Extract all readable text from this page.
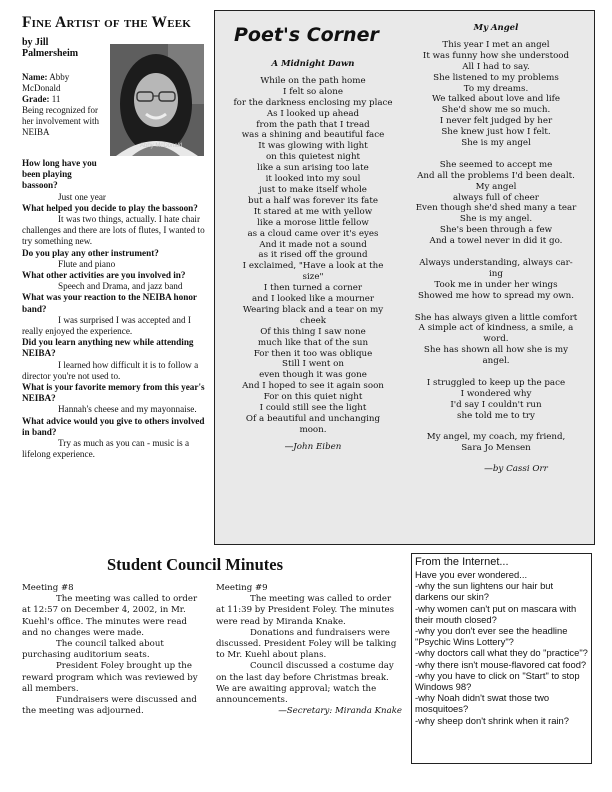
Fine Artist of the Week
by Jill Palmersheim
Abby McDonald
Name: Abby McDonald
Grade: 11
Being recognized for her involvement with NEIBA
How long have you been playing bassoon?
Just one year
What helped you decide to play the bassoon?
It was two things, actually. I hate chair challenges and there are lots of flutes, I wanted to try something new.
Do you play any other instrument?
Flute and piano
What other activities are you involved in?
Speech and Drama, and jazz band
What was your reaction to the NEIBA honor band?
I was surprised I was accepted and I really enjoyed the experience.
Did you learn anything new while attending NEIBA?
I learned how difficult it is to follow a director you're not used to.
What is your favorite memory from this year's NEIBA?
Hannah's cheese and my mayonnaise.
What advice would you give to others involved in band?
Try as much as you can - music is a lifelong experience.
Poet's Corner
A Midnight Dawn
While on the path home
I felt so alone
for the darkness enclosing my place
As I looked up ahead
from the path that I tread
was a shining and beautiful face
It was glowing with light
on this quietest night
like a sun arising too late
it looked into my soul
just to make itself whole
but a half was forever its fate
It stared at me with yellow
like a morose little fellow
as a cloud came over it's eyes
And it made not a sound
as it rised off the ground
I exclaimed, "Have a look at the
size"
I then turned a corner
and I looked like a mourner
Wearing black and a tear on my
cheek
Of this thing I saw none
much like that of the sun
For then it too was oblique
Still I went on
even though it was gone
And I hoped to see it again soon
For on this quiet night
I could still see the light
Of a beautiful and unchanging
moon.
—John Eiben
My Angel
This year I met an angel
It was funny how she understood
All I had to say.
She listened to my problems
To my dreams.
We talked about love and life
She'd show me so much.
I never felt judged by her
She knew just how I felt.
She is my angel
She seemed to accept me
And all the problems I'd been dealt.
My angel
always full of cheer
Even though she'd shed many a tear
She is my angel.
She's been through a few
And a towel never in did it go.
Always understanding, always car-
ing
Took me in under her wings
Showed me how to spread my own.
She has always given a little comfort
A simple act of kindness, a smile, a
word.
She has shown all how she is my
angel.
I struggled to keep up the pace
I wondered why
I'd say I couldn't run
she told me to try
My angel, my coach, my friend,
Sara Jo Mensen
—by Cassi Orr
Student Council Minutes
Meeting #8
The meeting was called to order at 12:57 on December 4, 2002, in Mr. Kuehl's office. The minutes were read and no changes were made.
The council talked about purchasing auditorium seats.
President Foley brought up the reward program which was reviewed by all members.
Fundraisers were discussed and the meeting was adjourned.
Meeting #9
The meeting was called to order at 11:39 by President Foley. The minutes were read by Miranda Knake.
Donations and fundraisers were discussed. President Foley will be talking to Mr. Kuehl about plans.
Council discussed a costume day on the last day before Christmas break. We are awaiting approval; watch the announcements.
—Secretary: Miranda Knake
From the Internet...
Have you ever wondered...
-why the sun lightens our hair but darkens our skin?
-why women can't put on mascara with their mouth closed?
-why you don't ever see the headline "Psychic Wins Lottery"?
-why doctors call what they do "practice"?
-why there isn't mouse-flavored cat food?
-why you have to click on "Start" to stop Windows 98?
-why Noah didn't swat those two mosquitoes?
-why sheep don't shrink when it rain?
